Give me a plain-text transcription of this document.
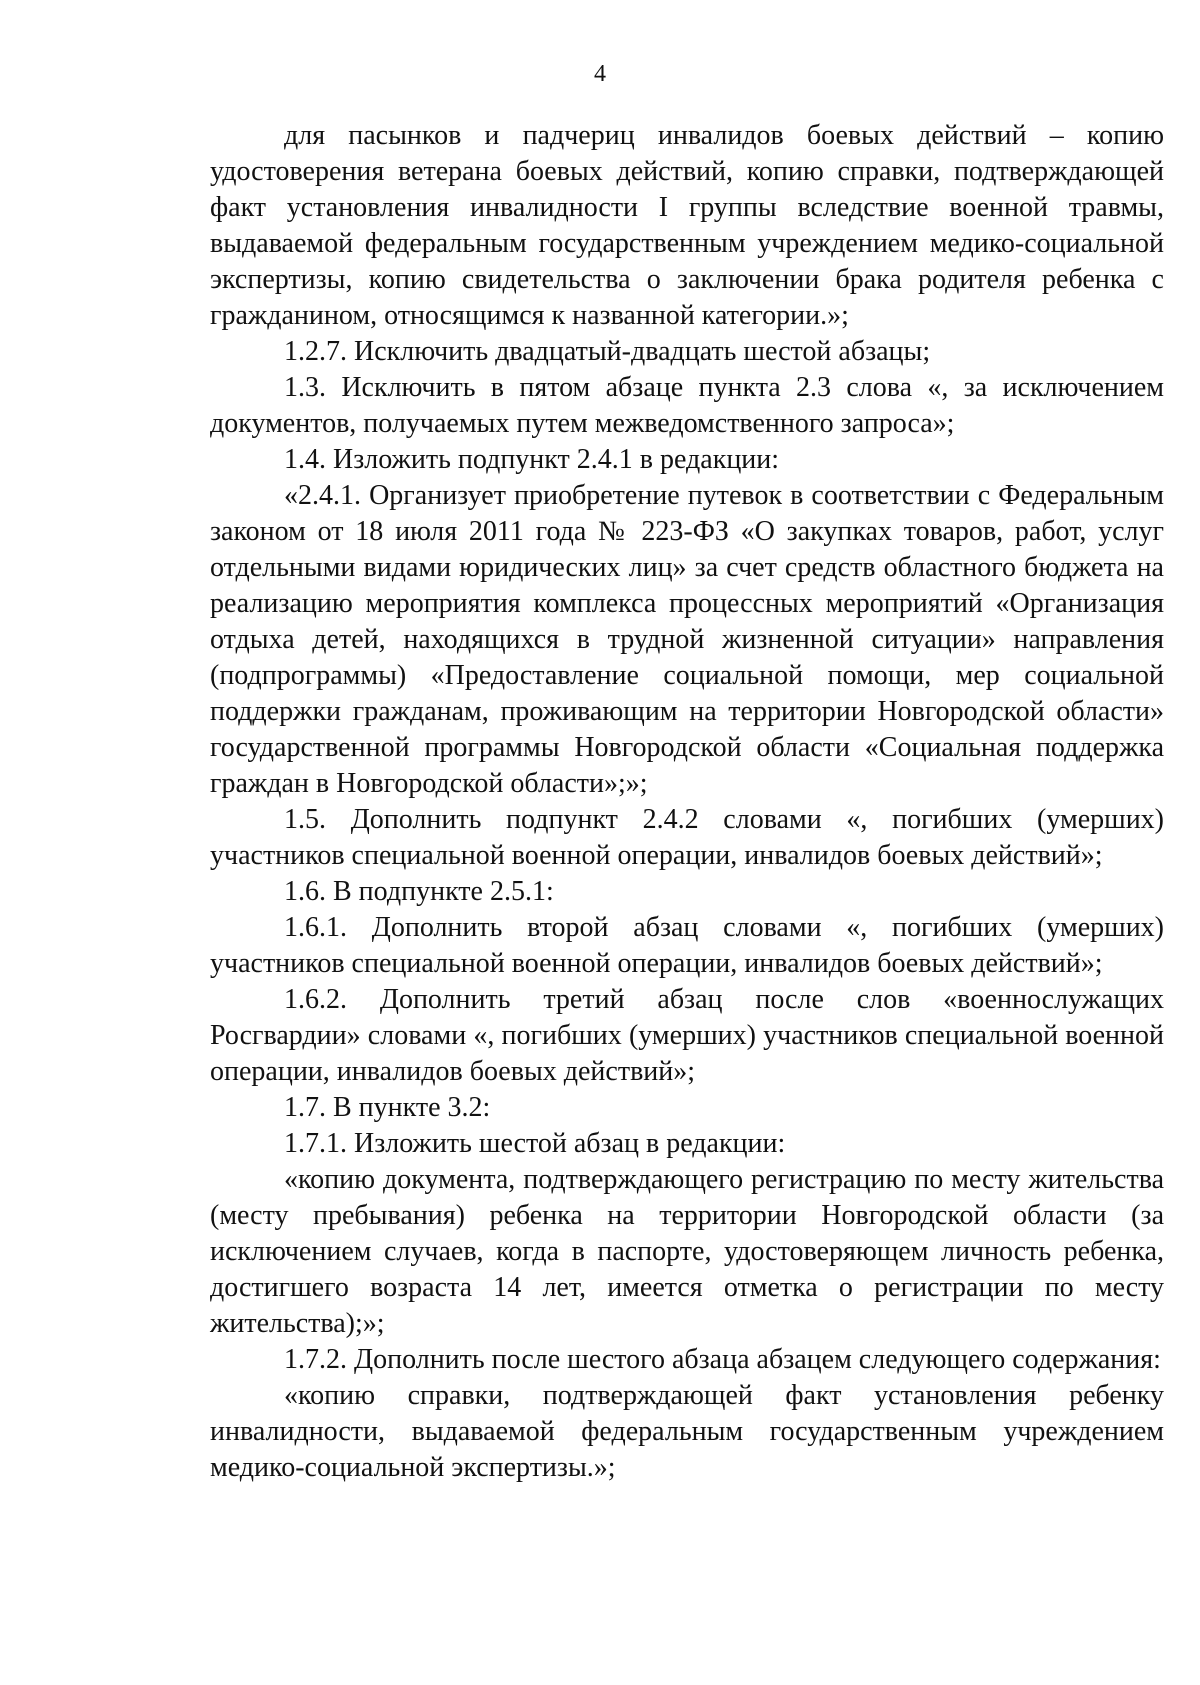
4

для пасынков и падчериц инвалидов боевых действий – копию удостоверения ветерана боевых действий, копию справки, подтверждающей факт установления инвалидности I группы вследствие военной травмы, выдаваемой федеральным государственным учреждением медико-социальной экспертизы, копию свидетельства о заключении брака родителя ребенка с гражданином, относящимся к названной категории.»;

1.2.7. Исключить двадцатый-двадцать шестой абзацы;

1.3. Исключить в пятом абзаце пункта 2.3 слова «, за исключением документов, получаемых путем межведомственного запроса»;

1.4. Изложить подпункт 2.4.1 в редакции:

«2.4.1. Организует приобретение путевок в соответствии с Федеральным законом от 18 июля 2011 года № 223-ФЗ «О закупках товаров, работ, услуг отдельными видами юридических лиц» за счет средств областного бюджета на реализацию мероприятия комплекса процессных мероприятий «Организация отдыха детей, находящихся в трудной жизненной ситуации» направления (подпрограммы) «Предоставление социальной помощи, мер социальной поддержки гражданам, проживающим на территории Новгородской области» государственной программы Новгородской области «Социальная поддержка граждан в Новгородской области»;»;

1.5. Дополнить подпункт 2.4.2 словами «, погибших (умерших) участников специальной военной операции, инвалидов боевых действий»;

1.6. В подпункте 2.5.1:

1.6.1. Дополнить второй абзац словами «, погибших (умерших) участников специальной военной операции, инвалидов боевых действий»;

1.6.2. Дополнить третий абзац после слов «военнослужащих Росгвардии» словами «, погибших (умерших) участников специальной военной операции, инвалидов боевых действий»;

1.7. В пункте 3.2:

1.7.1. Изложить шестой абзац в редакции:

«копию документа, подтверждающего регистрацию по месту жительства (месту пребывания) ребенка на территории Новгородской области (за исключением случаев, когда в паспорте, удостоверяющем личность ребенка, достигшего возраста 14 лет, имеется отметка о регистрации по месту жительства);»;

1.7.2. Дополнить после шестого абзаца абзацем следующего содержания:

«копию справки, подтверждающей факт установления ребенку инвалидности, выдаваемой федеральным государственным учреждением медико-социальной экспертизы.»;
